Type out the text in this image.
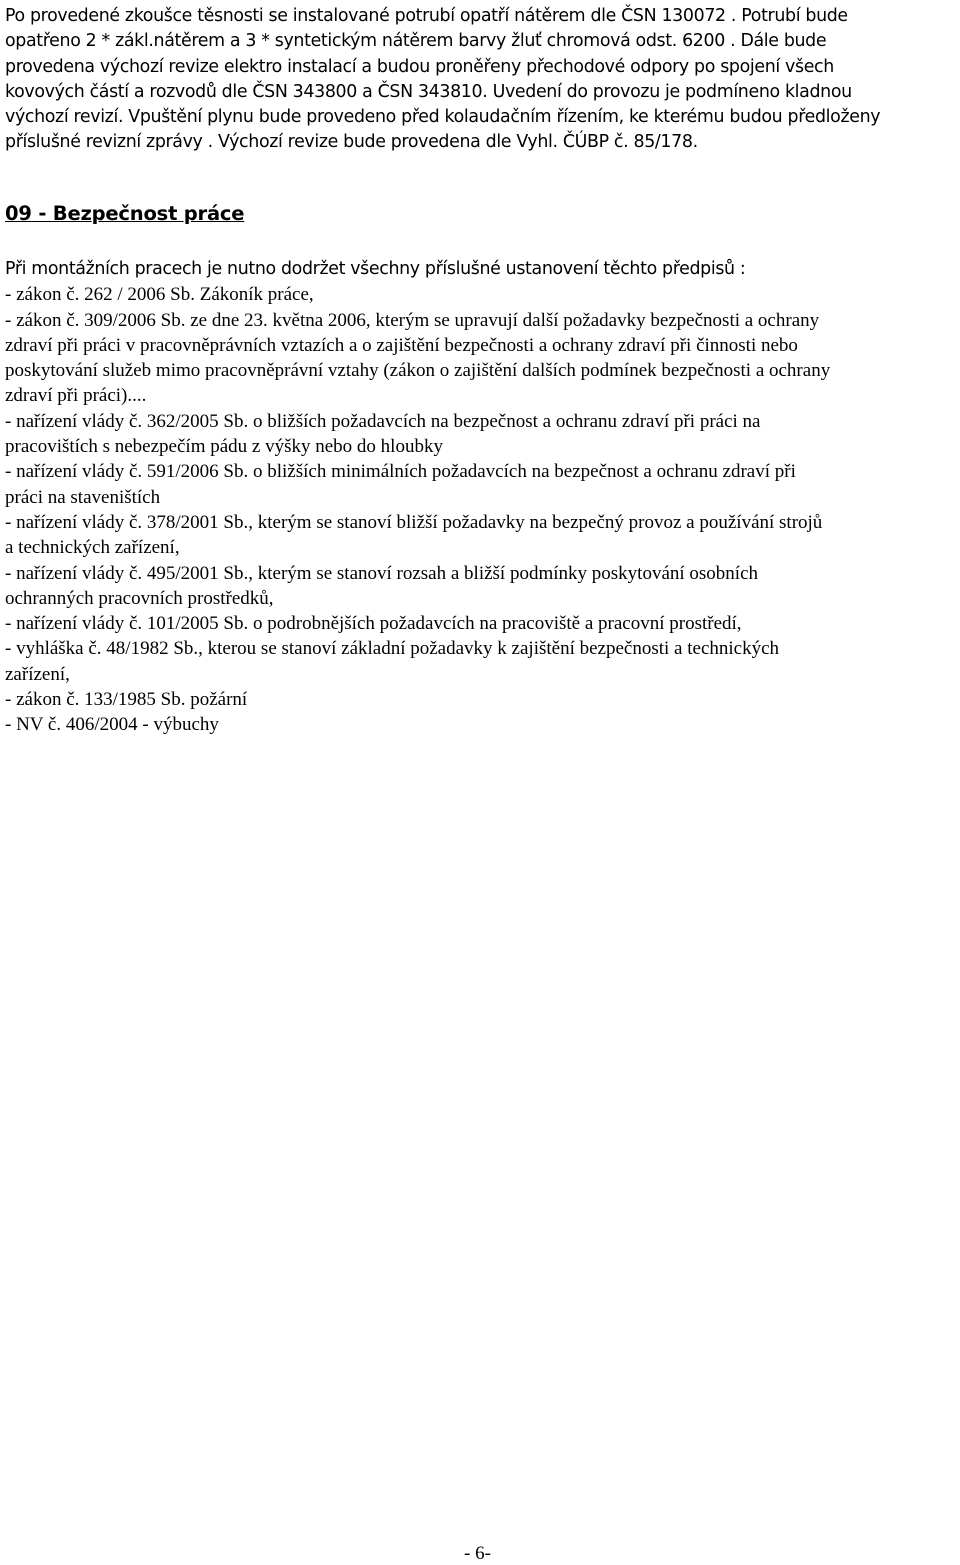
Po provedené zkoušce těsnosti se instalované potrubí opatří nátěrem dle ČSN 130072 . Potrubí bude
opatřeno 2 * zákl.nátěrem a 3 * syntetickým nátěrem barvy žluť chromová odst. 6200 . Dále bude
provedena výchozí revize elektro instalací a budou proněřeny přechodové odpory po spojení všech
kovových částí a rozvodů dle ČSN 343800 a ČSN 343810. Uvedení do provozu je podmíneno kladnou
výchozí revizí. Vpuštění plynu bude provedeno před kolaudačním řízením, ke kterému budou předloženy
příslušné revizní zprávy . Výchozí revize bude provedena dle Vyhl. ČÚBP č. 85/178.
09 - Bezpečnost práce
Při montážních pracech je nutno dodržet všechny příslušné ustanovení těchto předpisů :
- zákon č. 262 / 2006 Sb. Zákoník práce,
- zákon č. 309/2006 Sb. ze dne 23. května 2006, kterým se upravují další požadavky bezpečnosti a ochrany
zdraví při práci v pracovněprávních vztazích a o zajištění bezpečnosti a ochrany zdraví při činnosti nebo
poskytování služeb mimo pracovněprávní vztahy (zákon o zajištění dalších podmínek bezpečnosti a ochrany
zdraví při práci)....
- nařízení vlády č. 362/2005 Sb. o bližších požadavcích na bezpečnost a ochranu zdraví při práci na
pracovištích s nebezpečím pádu z výšky nebo do hloubky
- nařízení vlády č. 591/2006 Sb. o bližších minimálních požadavcích na bezpečnost a ochranu zdraví při
práci na staveništích
- nařízení vlády č. 378/2001 Sb., kterým se stanoví bližší požadavky na bezpečný provoz a používání strojů
a technických zařízení,
- nařízení vlády č. 495/2001 Sb., kterým se stanoví rozsah a bližší podmínky poskytování osobních
ochranných pracovních prostředků,
- nařízení vlády č. 101/2005 Sb. o podrobnějších požadavcích na pracoviště a pracovní prostředí,
- vyhláška č. 48/1982 Sb., kterou se stanoví základní požadavky k zajištění bezpečnosti a technických
zařízení,
- zákon č. 133/1985 Sb. požární
- NV č. 406/2004 - výbuchy
- 6-
